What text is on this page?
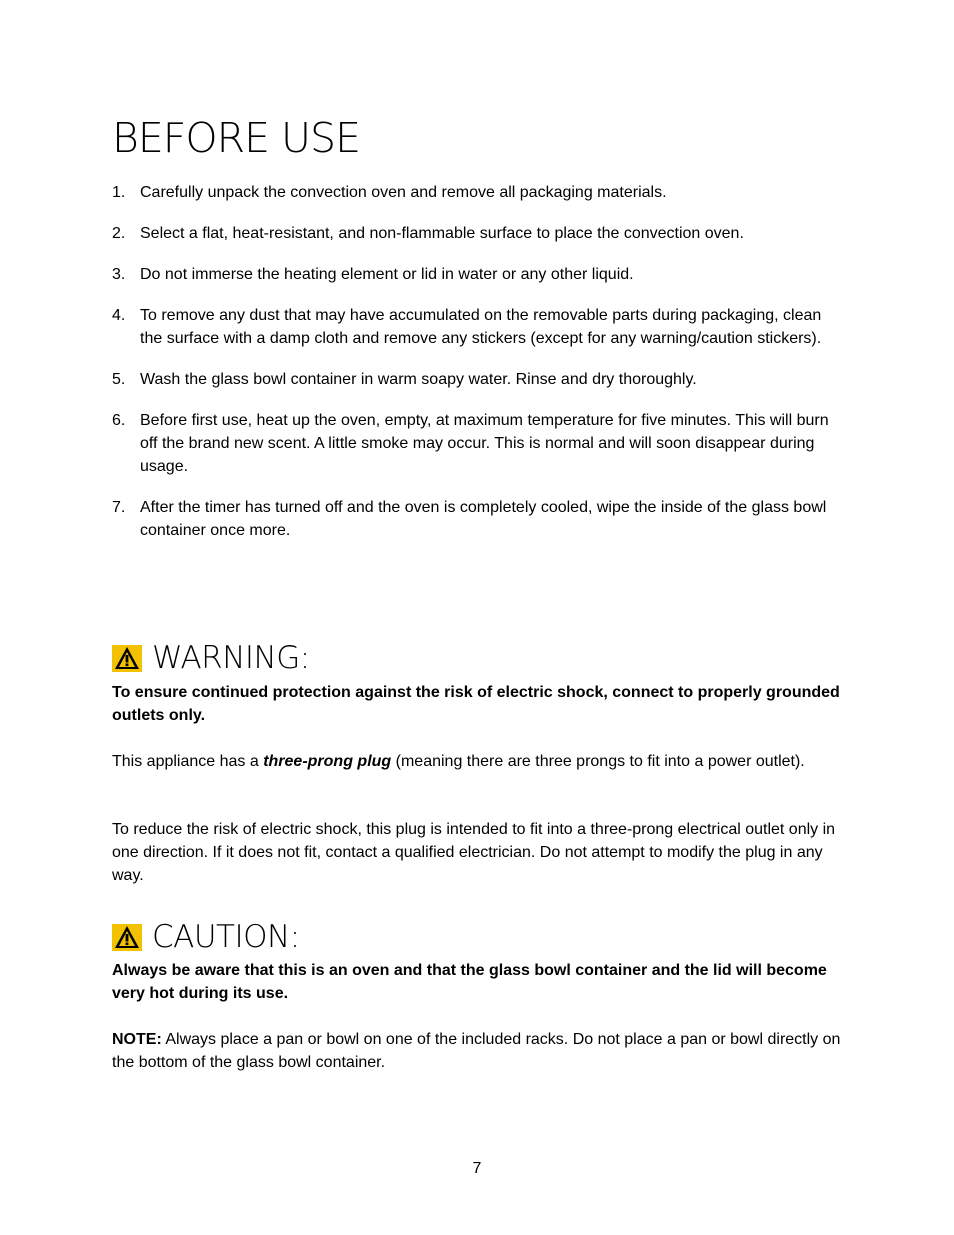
BEFORE USE
1. Carefully unpack the convection oven and remove all packaging materials.
2. Select a flat, heat-resistant, and non-flammable surface to place the convection oven.
3. Do not immerse the heating element or lid in water or any other liquid.
4. To remove any dust that may have accumulated on the removable parts during packaging, clean the surface with a damp cloth and remove any stickers (except for any warning/caution stickers).
5. Wash the glass bowl container in warm soapy water. Rinse and dry thoroughly.
6. Before first use, heat up the oven, empty, at maximum temperature for five minutes. This will burn off the brand new scent. A little smoke may occur. This is normal and will soon disappear during usage.
7. After the timer has turned off and the oven is completely cooled, wipe the inside of the glass bowl container once more.
WARNING:

To ensure continued protection against the risk of electric shock, connect to properly grounded outlets only.

This appliance has a three-prong plug (meaning there are three prongs to fit into a power outlet).

To reduce the risk of electric shock, this plug is intended to fit into a three-prong electrical outlet only in one direction. If it does not fit, contact a qualified electrician. Do not attempt to modify the plug in any way.

CAUTION:

Always be aware that this is an oven and that the glass bowl container and the lid will become very hot during its use.

NOTE: Always place a pan or bowl on one of the included racks. Do not place a pan or bowl directly on the bottom of the glass bowl container.

7
